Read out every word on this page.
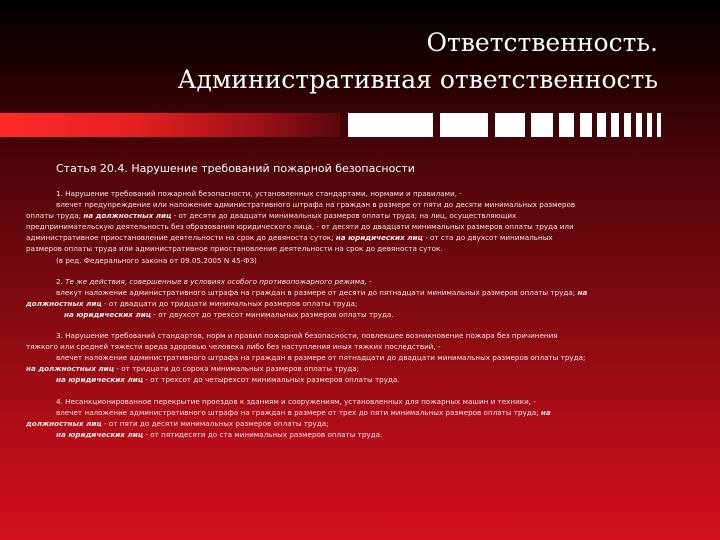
Ответственность.
Административная ответственность
Статья 20.4. Нарушение требований пожарной безопасности

1. Нарушение требований пожарной безопасности, установленных стандартами, нормами и правилами, -

влечет предупреждение или наложение административного штрафа на граждан в размере от пяти до десяти минимальных размеров

оплаты труда; на должностных лиц - от десяти до двадцати минимальных размеров оплаты труда; на лиц, осуществляющих

предпринимательскую деятельность без образования юридического лица, - от десяти до двадцати минимальных размеров оплаты труда или

административное приостановление деятельности на срок до девяноста суток; на юридических лиц - от ста до двухсот минимальных

размеров оплаты труда или административное приостановление деятельности на срок до девяноста суток.

(в ред. Федерального закона от 09.05.2005 N 45-ФЗ)

2. Те же действия, совершенные в условиях особого противопожарного режима, -

влекут наложение административного штрафа на граждан в размере от десяти до пятнадцати минимальных размеров оплаты труда; на

должностных лиц - от двадцати до тридцати минимальных размеров оплаты труда;

на юридических лиц - от двухсот до трехсот минимальных размеров оплаты труда.

3. Нарушение требований стандартов, норм и правил пожарной безопасности, повлекшее возникновение пожара без причинения

тяжкого или средней тяжести вреда здоровью человека либо без наступления иных тяжких последствий, -

влечет наложение административного штрафа на граждан в размере от пятнадцати до двадцати минимальных размеров оплаты труда;

на должностных лиц - от тридцати до сорока минимальных размеров оплаты труда;

на юридических лиц - от трехсот до четырехсот минимальных размеров оплаты труда.

4. Несанкционированное перекрытие проездов к зданиям и сооружениям, установленных для пожарных машин и техники, -

влечет наложение административного штрафа на граждан в размере от трех до пяти минимальных размеров оплаты труда; на

должностных лиц - от пяти до десяти минимальных размеров оплаты труда;

на юридических лиц - от пятидесяти до ста минимальных размеров оплаты труда.
